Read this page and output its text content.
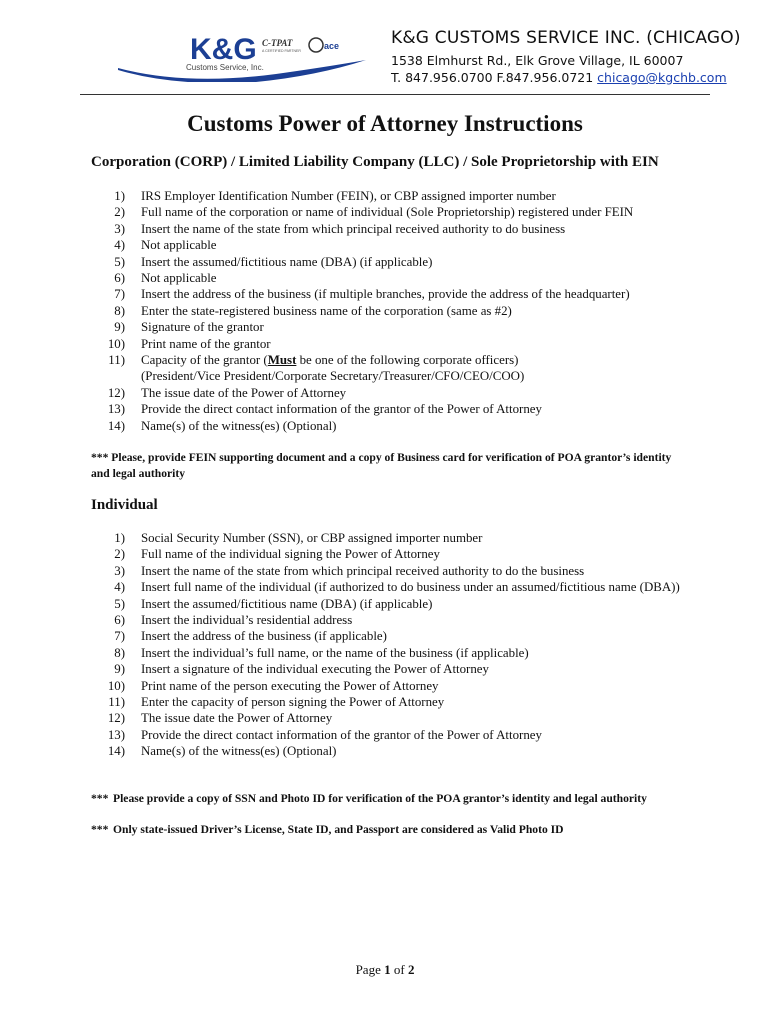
K&G
Customs Service, Inc.
C-TPAT
A CERTIFIED PARTNER	ace	K&G CUSTOMS SERVICE INC. (CHICAGO)
1538 Elmhurst Rd., Elk Grove Village, IL 60007
T. 847.956.0700 F.847.956.0721 chicago@kgchb.com
Customs Power of Attorney Instructions
Corporation (CORP) / Limited Liability Company (LLC) / Sole Proprietorship with EIN
1) IRS Employer Identification Number (FEIN), or CBP assigned importer number
2) Full name of the corporation or name of individual (Sole Proprietorship) registered under FEIN
3) Insert the name of the state from which principal received authority to do business
4) Not applicable
5) Insert the assumed/fictitious name (DBA) (if applicable)
6) Not applicable
7) Insert the address of the business (if multiple branches, provide the address of the headquarter)
8) Enter the state-registered business name of the corporation (same as #2)
9) Signature of the grantor
10) Print name of the grantor
11) Capacity of the grantor (Must be one of the following corporate officers)
(President/Vice President/Corporate Secretary/Treasurer/CFO/CEO/COO)
12) The issue date of the Power of Attorney
13) Provide the direct contact information of the grantor of the Power of Attorney
14) Name(s) of the witness(es) (Optional)
*** Please, provide FEIN supporting document and a copy of Business card for verification of POA grantor’s identity and legal authority
Individual
1) Social Security Number (SSN), or CBP assigned importer number
2) Full name of the individual signing the Power of Attorney
3) Insert the name of the state from which principal received authority to do the business
4) Insert full name of the individual (if authorized to do business under an assumed/fictitious name (DBA))
5) Insert the assumed/fictitious name (DBA) (if applicable)
6) Insert the individual’s residential address
7) Insert the address of the business (if applicable)
8) Insert the individual’s full name, or the name of the business (if applicable)
9) Insert a signature of the individual executing the Power of Attorney
10) Print name of the person executing the Power of Attorney
11) Enter the capacity of person signing the Power of Attorney
12) The issue date the Power of Attorney
13) Provide the direct contact information of the grantor of the Power of Attorney
14) Name(s) of the witness(es) (Optional)
*** Please provide a copy of SSN and Photo ID for verification of the POA grantor’s identity and legal authority
*** Only state-issued Driver’s License, State ID, and Passport are considered as Valid Photo ID
Page 1 of 2
